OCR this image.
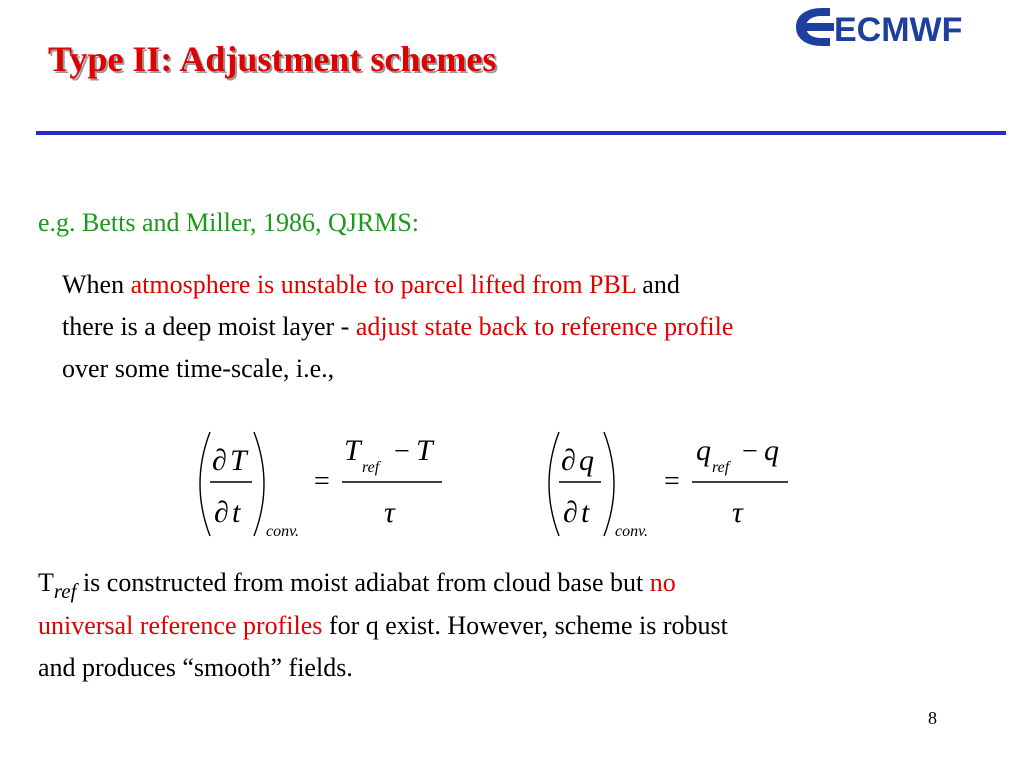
ECMWF
Type II: Adjustment schemes
e.g. Betts and Miller, 1986, QJRMS:
When atmosphere is unstable to parcel lifted from PBL and
there is a deep moist layer - adjust state back to reference profile
over some time-scale, i.e.,
∂ T
∂ t
conv.
=
T
ref
− T
τ
∂ q
∂ t
conv.
=
q
ref
− q
τ
$T_{ref}$ is constructed from moist adiabat from cloud base but no
universal reference profiles for q exist. However, scheme is robust
and produces “smooth” fields.
8
